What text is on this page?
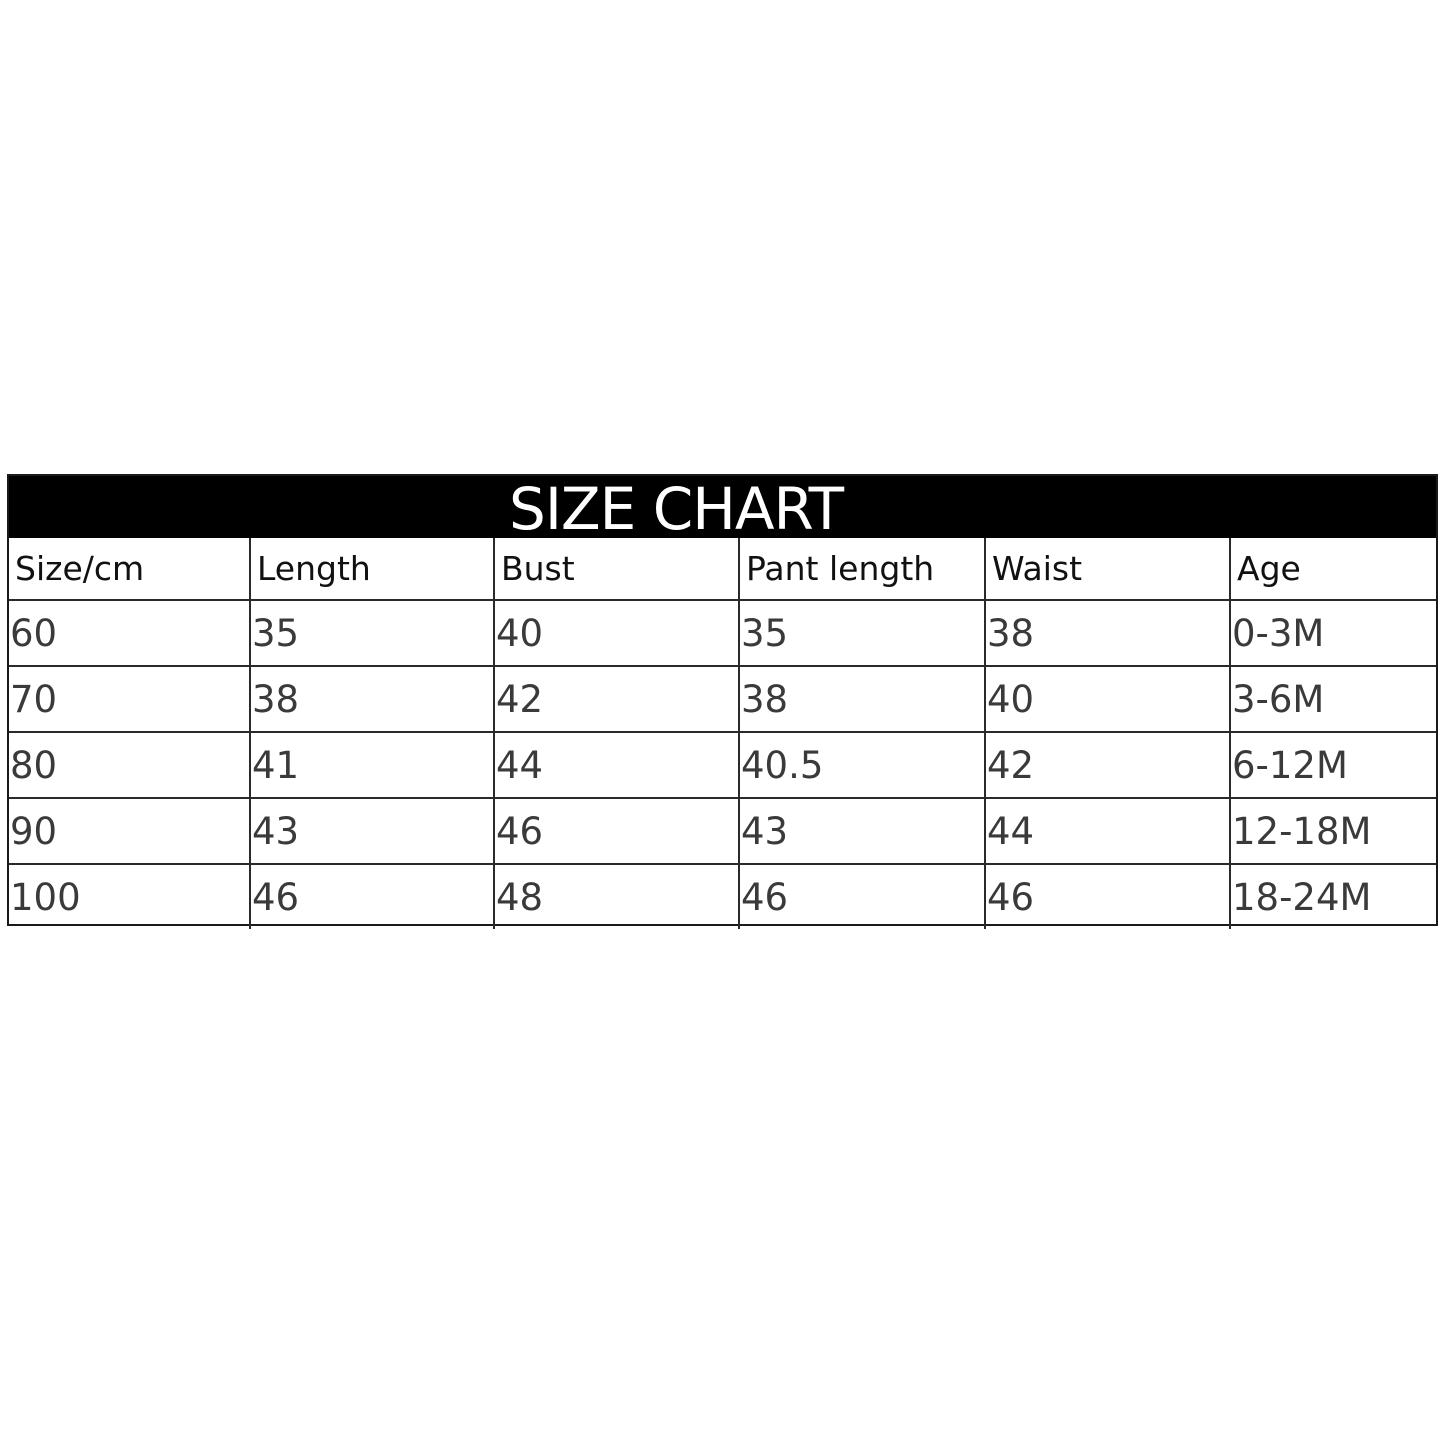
SIZE CHART
Size/cm	Length	Bust	Pant length	Waist	Age
60	35	40	35	38	0-3M
70	38	42	38	40	3-6M
80	41	44	40.5	42	6-12M
90	43	46	43	44	12-18M
100	46	48	46	46	18-24M
